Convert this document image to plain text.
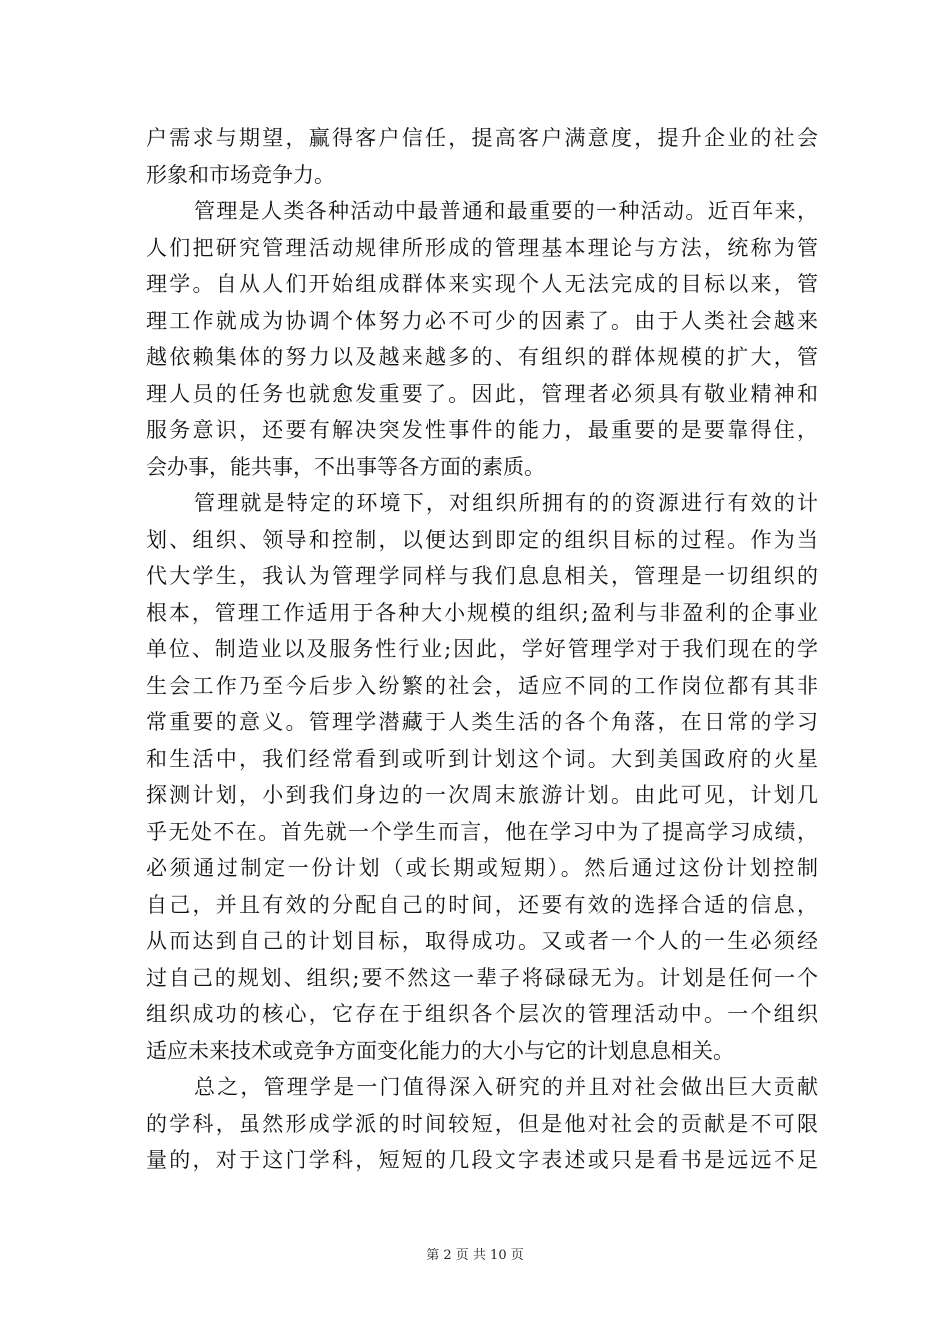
户需求与期望，赢得客户信任，提高客户满意度，提升企业的社会
形象和市场竞争力。
管理是人类各种活动中最普通和最重要的一种活动。近百年来，
人们把研究管理活动规律所形成的管理基本理论与方法，统称为管
理学。自从人们开始组成群体来实现个人无法完成的目标以来，管
理工作就成为协调个体努力必不可少的因素了。由于人类社会越来
越依赖集体的努力以及越来越多的、有组织的群体规模的扩大，管
理人员的任务也就愈发重要了。因此，管理者必须具有敬业精神和
服务意识，还要有解决突发性事件的能力，最重要的是要靠得住，
会办事，能共事，不出事等各方面的素质。
管理就是特定的环境下，对组织所拥有的的资源进行有效的计
划、组织、领导和控制，以便达到即定的组织目标的过程。作为当
代大学生，我认为管理学同样与我们息息相关，管理是一切组织的
根本，管理工作适用于各种大小规模的组织;盈利与非盈利的企事业
单位、制造业以及服务性行业;因此，学好管理学对于我们现在的学
生会工作乃至今后步入纷繁的社会，适应不同的工作岗位都有其非
常重要的意义。管理学潜藏于人类生活的各个角落，在日常的学习
和生活中，我们经常看到或听到计划这个词。大到美国政府的火星
探测计划，小到我们身边的一次周末旅游计划。由此可见，计划几
乎无处不在。首先就一个学生而言，他在学习中为了提高学习成绩，
必须通过制定一份计划（或长期或短期）。然后通过这份计划控制
自己，并且有效的分配自己的时间，还要有效的选择合适的信息，
从而达到自己的计划目标，取得成功。又或者一个人的一生必须经
过自己的规划、组织;要不然这一辈子将碌碌无为。计划是任何一个
组织成功的核心，它存在于组织各个层次的管理活动中。一个组织
适应未来技术或竞争方面变化能力的大小与它的计划息息相关。
总之，管理学是一门值得深入研究的并且对社会做出巨大贡献
的学科，虽然形成学派的时间较短，但是他对社会的贡献是不可限
量的，对于这门学科，短短的几段文字表述或只是看书是远远不足
第 2 页 共 10 页
